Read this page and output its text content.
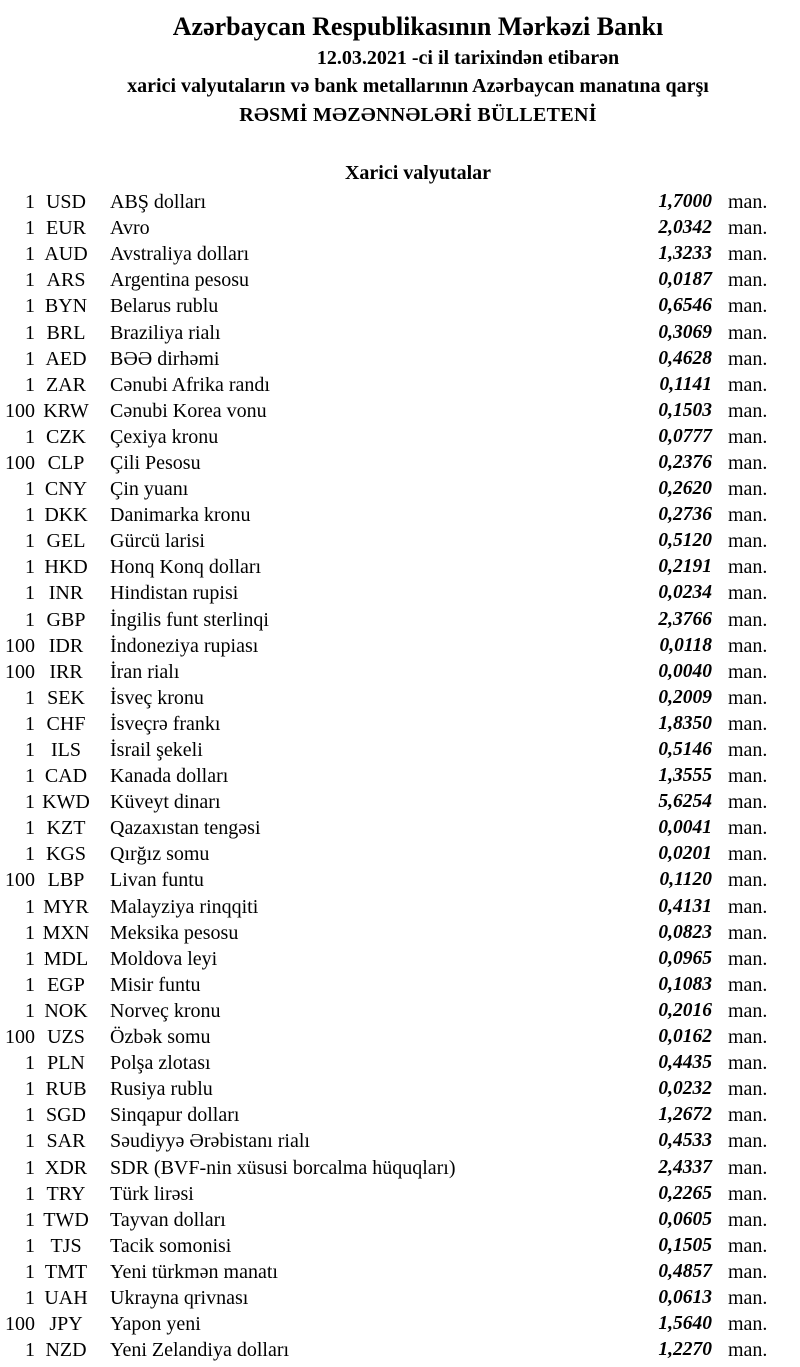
Azərbaycan Respublikasının Mərkəzi Bankı
12.03.2021 -ci il tarixindən etibarən
xarici valyutaların və bank metallarının Azərbaycan manatına qarşı
RƏSMİ MƏZƏNNƏLƏRİ BÜLLETENİ
Xarici valyutalar
1 USD	ABŞ dolları	1,7000 man.
1 EUR	Avro	2,0342 man.
1 AUD	Avstraliya dolları	1,3233 man.
1 ARS	Argentina pesosu	0,0187 man.
1 BYN	Belarus rublu	0,6546 man.
1 BRL	Braziliya rialı	0,3069 man.
1 AED	BƏƏ dirhəmi	0,4628 man.
1 ZAR	Cənubi Afrika randı	0,1141 man.
100 KRW	Cənubi Korea vonu	0,1503 man.
1 CZK	Çexiya kronu	0,0777 man.
100 CLP	Çili Pesosu	0,2376 man.
1 CNY	Çin yuanı	0,2620 man.
1 DKK	Danimarka kronu	0,2736 man.
1 GEL	Gürcü larisi	0,5120 man.
1 HKD	Honq Konq dolları	0,2191 man.
1 INR	Hindistan rupisi	0,0234 man.
1 GBP	İngilis funt sterlinqi	2,3766 man.
100 IDR	İndoneziya rupiası	0,0118 man.
100 IRR	İran rialı	0,0040 man.
1 SEK	İsveç kronu	0,2009 man.
1 CHF	İsveçrə frankı	1,8350 man.
1 ILS	İsrail şekeli	0,5146 man.
1 CAD	Kanada dolları	1,3555 man.
1 KWD	Küveyt dinarı	5,6254 man.
1 KZT	Qazaxıstan tengəsi	0,0041 man.
1 KGS	Qırğız somu	0,0201 man.
100 LBP	Livan funtu	0,1120 man.
1 MYR	Malayziya rinqqiti	0,4131 man.
1 MXN	Meksika pesosu	0,0823 man.
1 MDL	Moldova leyi	0,0965 man.
1 EGP	Misir funtu	0,1083 man.
1 NOK	Norveç kronu	0,2016 man.
100 UZS	Özbək somu	0,0162 man.
1 PLN	Polşa zlotası	0,4435 man.
1 RUB	Rusiya rublu	0,0232 man.
1 SGD	Sinqapur dolları	1,2672 man.
1 SAR	Səudiyyə Ərəbistanı rialı	0,4533 man.
1 XDR	SDR (BVF-nin xüsusi borcalma hüquqları)	2,4337 man.
1 TRY	Türk lirəsi	0,2265 man.
1 TWD	Tayvan dolları	0,0605 man.
1 TJS	Tacik somonisi	0,1505 man.
1 TMT	Yeni türkmən manatı	0,4857 man.
1 UAH	Ukrayna qrivnası	0,0613 man.
100 JPY	Yapon yeni	1,5640 man.
1 NZD	Yeni Zelandiya dolları	1,2270 man.
